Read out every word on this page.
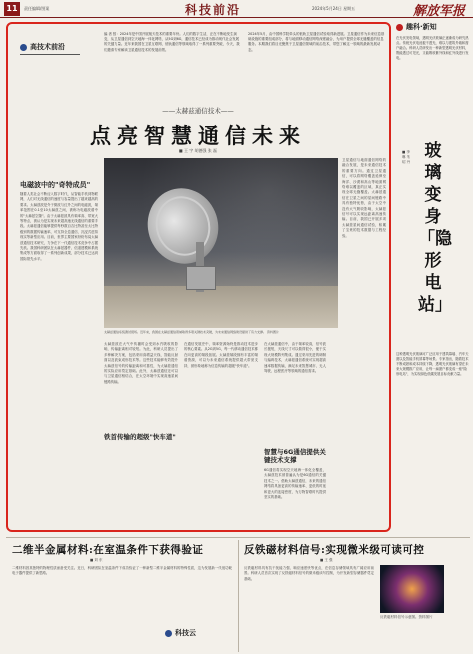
11	责任编辑/图案	科技前沿	2024年5月24日 星期五	解放军报
高技术前沿
编 者 按：2024年是中国开展航天技术的重要年份。人们的数字生活，正在不断地发生演变，从卫星通信到空天地海一体化网络，从5G到6G，通信技术已经成为推动现代社会发展的关键力量。近年来我国在卫星互联网、低轨通信等领域取得了一系列重要突破，今天，我们邀请专家解读卫星通信技术的发展前景。
2024年5月，由中国科学院牵头的低轨卫星通信试验取得新进展。卫星通信作为未来信息基础设施的重要组成部分，将与地面移动通信网络深度融合，为用户提供全球无缝覆盖的信息服务。本期我们将目光聚焦于卫星通信领域的前沿技术，带您了解这一领域的最新发展动态。
——太赫兹通信技术——
点亮智慧通信未来
■ 王 宇 胡德强 张 磊
电磁波中的"奇特成员"
随着人类社会不断迈入数字时代，从智能手机到物联网，人们对无线通信的速度与容量提出了越来越高的要求。太赫兹波是介于微波与红外之间的电磁波，频率范围在0.1至10太赫兹之间，被称为电磁波谱中的"太赫兹空隙"。由于太赫兹波具有频率高、带宽大等特点，被认为是实现未来超高速无线通信的重要手段。太赫兹通信能够提供每秒数百吉比特甚至太比特级别的数据传输速率，可支持全息通信、沉浸式虚拟现实等新型应用。目前，世界主要国家纷纷布局太赫兹通信技术研究，力争在下一代通信技术竞争中占据先机。我国科研团队在太赫兹器件、信道建模和系统集成等方面取得了一系列创新成果，部分技术已达到国际领先水平。
太赫兹通信系统测试现场。近年来，我国在太赫兹通信领域取得多项关键技术突破，为未来通信网络建设提供了有力支撑。 资料图片
太赫兹波在大气中传播时会受到水汽吸收的影响，传输距离相对较短。为此，科研人员提出了多种解决方案，包括采用高增益天线、智能反射面以及波束成形技术等。这些技术能够有效提升太赫兹信号的传输距离和可靠性，为太赫兹通信的实际应用奠定基础。此外，太赫兹通信还可以与卫星通信相结合，在太空环境中实现高速星间链路传输。
铁首传输的超级"快车道"
在通信发展史中，频率资源始终是推动技术进步的核心要素。从2G到5G，每一代移动通信技术都在向更高的频段拓展。太赫兹频段拥有丰富的频谱资源，可以为未来通信系统提供超大带宽支持，被形象地称为信息传输的超级"快车道"。
在太赫兹通信中，由于频率较高，信号波长极短，天线尺寸可以做得很小，便于实现大规模阵列集成。通过采用先进的调制与编码技术，太赫兹通信系统可实现超高速率数据传输，满足未来智慧城市、无人驾驶、远程医疗等领域的通信需求。
智慧与6G通信提供关键技术支撑
6G通信将实现空天地海一体化全覆盖，太赫兹技术被普遍认为是6G通信的关键技术之一。借助太赫兹通信，未来的通信网络将具备更高的传输速率、更低的时延和更大的连接密度，为万物智联时代提供坚实的基础。
卫星通信与地面通信网络的融合发展，是未来通信技术的重要方向。通过卫星通信，可以将网络覆盖延伸至海洋、沙漠和高山等地面网络难以覆盖的区域，真正实现全球无缝覆盖。太赫兹通信在卫星之间的星间链路中具有独特优势，由于太空中没有大气吸收影响，太赫兹信号可以实现远距离高速传输。目前，我国已开展多项太赫兹星间通信试验，积累了宝贵的技术数据与工程经验。
趣科·新知
在光伏发电领域，透明光伏玻璃正逐渐成为研究热点。传统光伏电池板不透光，难以与建筑外墙和窗户融合。科研人员研发出一种新型透明光伏材料，既能透过可见光，又能吸收紫外线和红外线进行发电。
■ 李 琳 朱 绍 丹
玻璃变身「隐形电站」
这种透明光伏玻璃可广泛应用于建筑幕墙、汽车天窗以及智能手机屏幕等场景。专家指出，随着技术不断成熟和成本持续下降，透明光伏玻璃有望在未来大规模推广应用，让每一扇窗户都变成一座"隐形电站"，为实现绿色低碳发展目标贡献力量。
二维半金属材料:在室温条件下获得验证
■ 刘 东
二维材料因其独特的物理性质而备受关注。近日，科研团队在室温条件下成功验证了一种新型二维半金属材料的特殊性质，这为发展新一代低功耗电子器件提供了新思路。
反铁磁材料信号:实现微米级可读可控
■ 王 强
反铁磁材料具有抗干扰能力强、响应速度快等优点，在信息存储领域具有广阔应用前景。科研人员首次实现了反铁磁材料信号的微米级读写控制，为开发新型存储器件奠定基础。
反铁磁材料信号示意图。资料图片
科技云
